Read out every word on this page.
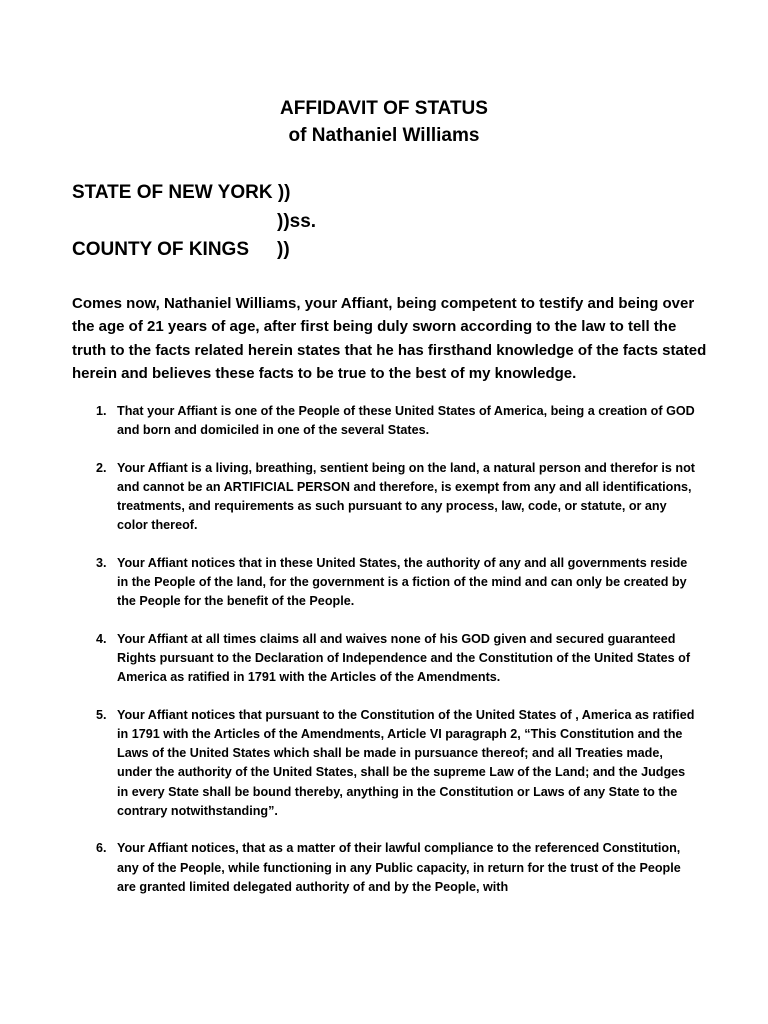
AFFIDAVIT OF STATUS
of Nathaniel Williams
STATE OF NEW YORK ))
))ss.
COUNTY OF KINGS ))

Comes now, Nathaniel Williams, your Affiant, being competent to testify and being over the age of 21 years of age, after first being duly sworn according to the law to tell the truth to the facts related herein states that he has firsthand knowledge of the facts stated herein and believes these facts to be true to the best of my knowledge.

1. That your Affiant is one of the People of these United States of America, being a creation of GOD and born and domiciled in one of the several States.
2. Your Affiant is a living, breathing, sentient being on the land, a natural person and therefor is not and cannot be an ARTIFICIAL PERSON and therefore, is exempt from any and all identifications, treatments, and requirements as such pursuant to any process, law, code, or statute, or any color thereof.
3. Your Affiant notices that in these United States, the authority of any and all governments reside in the People of the land, for the government is a fiction of the mind and can only be created by the People for the benefit of the People.
4. Your Affiant at all times claims all and waives none of his GOD given and secured guaranteed Rights pursuant to the Declaration of Independence and the Constitution of the United States of America as ratified in 1791 with the Articles of the Amendments.
5. Your Affiant notices that pursuant to the Constitution of the United States of , America as ratified in 1791 with the Articles of the Amendments, Article VI paragraph 2, “This Constitution and the Laws of the United States which shall be made in pursuance thereof; and all Treaties made, under the authority of the United States, shall be the supreme Law of the Land; and the Judges in every State shall be bound thereby, anything in the Constitution or Laws of any State to the contrary notwithstanding”.
6. Your Affiant notices, that as a matter of their lawful compliance to the referenced Constitution, any of the People, while functioning in any Public capacity, in return for the trust of the People are granted limited delegated authority of and by the People, with
